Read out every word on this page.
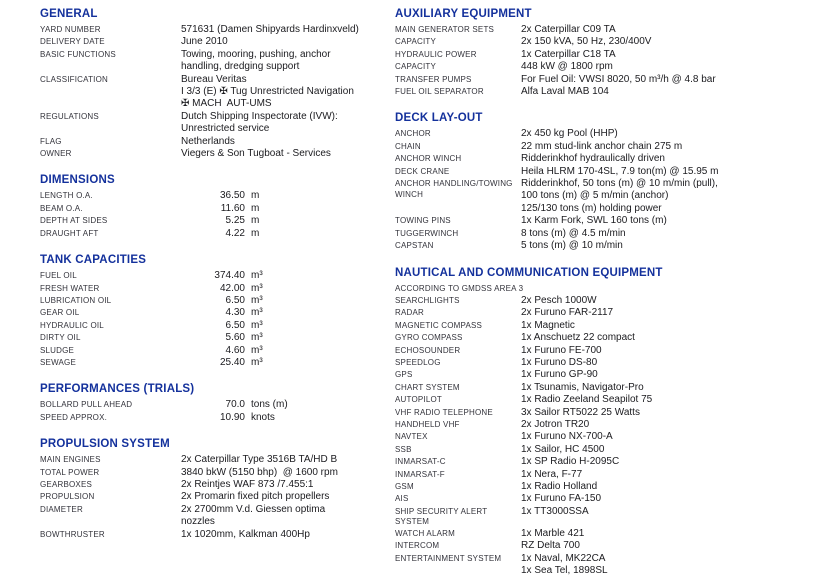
GENERAL
YARD NUMBER	571631 (Damen Shipyards Hardinxveld)
DELIVERY DATE	June 2010
BASIC FUNCTIONS	Towing, mooring, pushing, anchor
handling, dredging support
CLASSIFICATION	Bureau Veritas
I 3/3 (E) ✠ Tug Unrestricted Navigation
✠ MACH  AUT-UMS
REGULATIONS	Dutch Shipping Inspectorate (IVW):
Unrestricted service
FLAG	Netherlands
OWNER	Viegers & Son Tugboat - Services
DIMENSIONS
LENGTH O.A.	36.50 m
BEAM O.A.	11.60 m
DEPTH AT SIDES	5.25 m
DRAUGHT AFT	4.22 m
TANK CAPACITIES
FUEL OIL	374.40 m³
FRESH WATER	42.00 m³
LUBRICATION OIL	6.50 m³
GEAR OIL	4.30 m³
HYDRAULIC OIL	6.50 m³
DIRTY OIL	5.60 m³
SLUDGE	4.60 m³
SEWAGE	25.40 m³
PERFORMANCES (TRIALS)
BOLLARD PULL AHEAD	70.0 tons (m)
SPEED APPROX.	10.90 knots
PROPULSION SYSTEM
MAIN ENGINES	2x Caterpillar Type 3516B TA/HD B
TOTAL POWER	3840 bkW (5150 bhp)  @ 1600 rpm
GEARBOXES	2x Reintjes WAF 873 /7.455:1
PROPULSION	2x Promarin fixed pitch propellers
DIAMETER	2x 2700mm V.d. Giessen optima
nozzles
BOWTHRUSTER	1x 1020mm, Kalkman 400Hp
AUXILIARY EQUIPMENT
MAIN GENERATOR SETS	2x Caterpillar C09 TA
CAPACITY	2x 150 kVA, 50 Hz, 230/400V
HYDRAULIC POWER	1x Caterpillar C18 TA
CAPACITY	448 kW @ 1800 rpm
TRANSFER PUMPS	For Fuel Oil: VWSI 8020, 50 m³/h @ 4.8 bar
FUEL OIL SEPARATOR	Alfa Laval MAB 104
DECK LAY-OUT
ANCHOR	2x 450 kg Pool (HHP)
CHAIN	22 mm stud-link anchor chain 275 m
ANCHOR WINCH	Ridderinkhof hydraulically driven
DECK CRANE	Heila HLRM 170-4SL, 7.9 ton(m) @ 15.95 m
ANCHOR HANDLING/TOWING
WINCH
Ridderinkhof, 50 tons (m) @ 10 m/min (pull),
100 tons (m) @ 5 m/min (anchor)
125/130 tons (m) holding power
TOWING PINS	1x Karm Fork, SWL 160 tons (m)
TUGGERWINCH	8 tons (m) @ 4.5 m/min
CAPSTAN	5 tons (m) @ 10 m/min
NAUTICAL AND COMMUNICATION EQUIPMENT
ACCORDING TO GMDSS AREA 3
SEARCHLIGHTS	2x Pesch 1000W
RADAR	2x Furuno FAR-2117
MAGNETIC COMPASS	1x Magnetic
GYRO COMPASS	1x Anschuetz 22 compact
ECHOSOUNDER	1x Furuno FE-700
SPEEDLOG	1x Furuno DS-80
GPS	1x Furuno GP-90
CHART SYSTEM	1x Tsunamis, Navigator-Pro
AUTOPILOT	1x Radio Zeeland Seapilot 75
VHF RADIO TELEPHONE	3x Sailor RT5022 25 Watts
HANDHELD VHF	2x Jotron TR20
NAVTEX	1x Furuno NX-700-A
SSB	1x Sailor, HC 4500
INMARSAT-C	1x SP Radio H-2095C
INMARSAT-F	1x Nera, F-77
GSM	1x Radio Holland
AIS	1x Furuno FA-150
SHIP SECURITY ALERT SYSTEM
1x TT3000SSA
WATCH ALARM	1x Marble 421
INTERCOM	RZ Delta 700
ENTERTAINMENT SYSTEM	1x Naval, MK22CA
1x Sea Tel, 1898SL
